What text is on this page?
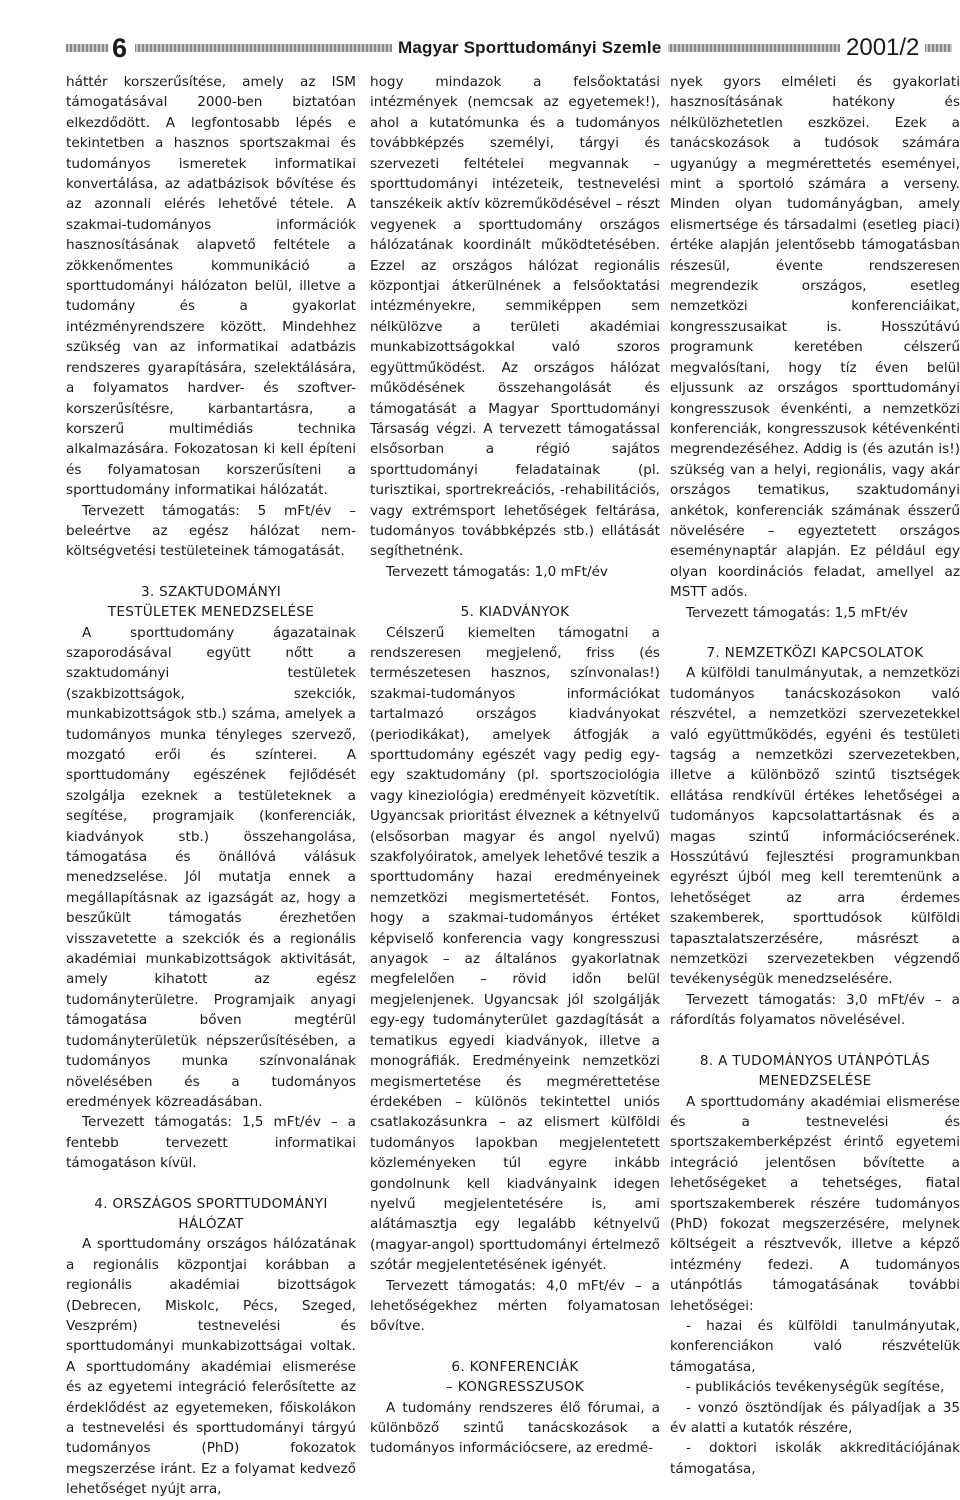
6	Magyar Sporttudományi Szemle	2001/2

háttér korszerűsítése, amely az ISM támogatásával 2000-ben biztatóan elkezdődött. A legfontosabb lépés e tekintetben a hasznos sportszakmai és tudományos ismeretek informatikai konvertálása, az adatbázisok bővítése és az azonnali elérés lehetővé tétele. A szakmai-tudományos információk hasznosításának alapvető feltétele a zökkenőmentes kommunikáció a sporttudományi hálózaton belül, illetve a tudomány és a gyakorlat intézményrendszere között. Mindehhez szükség van az informatikai adatbázis rendszeres gyarapítására, szelektálására, a folyamatos hardver- és szoftver-korszerűsítésre, karbantartásra, a korszerű multimédiás technika alkalmazására. Fokozatosan ki kell építeni és folyamatosan korszerűsíteni a sporttudomány informatikai hálózatát.

Tervezett támogatás: 5 mFt/év – beleértve az egész hálózat nem-költségvetési testületeinek támogatását.

3. SZAKTUDOMÁNYI
TESTÜLETEK MENEDZSELÉSE

A sporttudomány ágazatainak szaporodásával együtt nőtt a szaktudományi testületek (szakbizottságok, szekciók, munkabizottságok stb.) száma, amelyek a tudományos munka tényleges szervező, mozgató erői és színterei. A sporttudomány egészének fejlődését szolgálja ezeknek a testületeknek a segítése, programjaik (konferenciák, kiadványok stb.) összehangolása, támogatása és önállóvá válásuk menedzselése. Jól mutatja ennek a megállapításnak az igazságát az, hogy a beszűkült támogatás érezhetően visszavetette a szekciók és a regionális akadémiai munkabizottságok aktivitását, amely kihatott az egész tudományterületre. Programjaik anyagi támogatása bőven megtérül tudományterületük népszerűsítésében, a tudományos munka színvonalának növelésében és a tudományos eredmények közreadásában.

Tervezett támogatás: 1,5 mFt/év – a fentebb tervezett informatikai támogatáson kívül.

4. ORSZÁGOS SPORTTUDOMÁNYI
HÁLÓZAT

A sporttudomány országos hálózatának a regionális központjai korábban a regionális akadémiai bizottságok (Debrecen, Miskolc, Pécs, Szeged, Veszprém) testnevelési és sporttudományi munkabizottságai voltak. A sporttudomány akadémiai elismerése és az egyetemi integráció felerősítette az érdeklődést az egyetemeken, főiskolákon a testnevelési és sporttudományi tárgyú tudományos (PhD) fokozatok megszerzése iránt. Ez a folyamat kedvező lehetőséget nyújt arra,

hogy mindazok a felsőoktatási intézmények (nemcsak az egyetemek!), ahol a kutatómunka és a tudományos továbbképzés személyi, tárgyi és szervezeti feltételei megvannak – sporttudományi intézeteik, testnevelési tanszékeik aktív közreműködésével – részt vegyenek a sporttudomány országos hálózatának koordinált működtetésében. Ezzel az országos hálózat regionális központjai átkerülnének a felsőoktatási intézményekre, semmiképpen sem nélkülözve a területi akadémiai munkabizottságokkal való szoros együttműködést. Az országos hálózat működésének összehangolását és támogatását a Magyar Sporttudományi Társaság végzi. A tervezett támogatással elsősorban a régió sajátos sporttudományi feladatainak (pl. turisztikai, sportrekreációs, -rehabilitációs, vagy extrémsport lehetőségek feltárása, tudományos továbbképzés stb.) ellátását segíthetnénk.

Tervezett támogatás: 1,0 mFt/év

5. KIADVÁNYOK

Célszerű kiemelten támogatni a rendszeresen megjelenő, friss (és természetesen hasznos, színvonalas!) szakmai-tudományos információkat tartalmazó országos kiadványokat (periodikákat), amelyek átfogják a sporttudomány egészét vagy pedig egy-egy szaktudomány (pl. sportszociológia vagy kineziológia) eredményeit közvetítik. Ugyancsak prioritást élveznek a kétnyelvű (elsősorban magyar és angol nyelvű) szakfolyóiratok, amelyek lehetővé teszik a sporttudomány hazai eredményeinek nemzetközi megismertetését. Fontos, hogy a szakmai-tudományos értéket képviselő konferencia vagy kongresszusi anyagok – az általános gyakorlatnak megfelelően – rövid időn belül megjelenjenek. Ugyancsak jól szolgálják egy-egy tudományterület gazdagítását a tematikus egyedi kiadványok, illetve a monográfiák. Eredményeink nemzetközi megismertetése és megmérettetése érdekében – különös tekintettel uniós csatlakozásunkra – az elismert külföldi tudományos lapokban megjelentetett közleményeken túl egyre inkább gondolnunk kell kiadványaink idegen nyelvű megjelentetésére is, ami alátámasztja egy legalább kétnyelvű (magyar-angol) sporttudományi értelmező szótár megjelentetésének igényét.

Tervezett támogatás: 4,0 mFt/év – a lehetőségekhez mérten folyamatosan bővítve.

6. KONFERENCIÁK
– KONGRESSZUSOK

A tudomány rendszeres élő fórumai, a különböző szintű tanácskozások a tudományos információcsere, az eredmé-

nyek gyors elméleti és gyakorlati hasznosításának hatékony és nélkülözhetetlen eszközei. Ezek a tanácskozások a tudósok számára ugyanúgy a megmérettetés eseményei, mint a sportoló számára a verseny. Minden olyan tudományágban, amely elismertsége és társadalmi (esetleg piaci) értéke alapján jelentősebb támogatásban részesül, évente rendszeresen megrendezik országos, esetleg nemzetközi konferenciáikat, kongresszusaikat is. Hosszútávú programunk keretében célszerű megvalósítani, hogy tíz éven belül eljussunk az országos sporttudományi kongresszusok évenkénti, a nemzetközi konferenciák, kongresszusok kétévenkénti megrendezéséhez. Addig is (és azután is!) szükség van a helyi, regionális, vagy akár országos tematikus, szaktudományi ankétok, konferenciák számának ésszerű növelésére – egyeztetett országos eseménynaptár alapján. Ez például egy olyan koordinációs feladat, amellyel az MSTT adós.

Tervezett támogatás: 1,5 mFt/év

7. NEMZETKÖZI KAPCSOLATOK

A külföldi tanulmányutak, a nemzetközi tudományos tanácskozásokon való részvétel, a nemzetközi szervezetekkel való együttműködés, egyéni és testületi tagság a nemzetközi szervezetekben, illetve a különböző szintű tisztségek ellátása rendkívül értékes lehetőségei a tudományos kapcsolattartásnak és a magas szintű információcserének. Hosszútávú fejlesztési programunkban egyrészt újból meg kell teremtenünk a lehetőséget az arra érdemes szakemberek, sporttudósok külföldi tapasztalatszerzésére, másrészt a nemzetközi szervezetekben végzendő tevékenységük menedzselésére.

Tervezett támogatás: 3,0 mFt/év – a ráfordítás folyamatos növelésével.

8. A TUDOMÁNYOS UTÁNPÓTLÁS
MENEDZSELÉSE

A sporttudomány akadémiai elismerése és a testnevelési és sportszakemberképzést érintő egyetemi integráció jelentősen bővítette a lehetőségeket a tehetséges, fiatal sportszakemberek részére tudományos (PhD) fokozat megszerzésére, melynek költségeit a résztvevők, illetve a képző intézmény fedezi. A tudományos utánpótlás támogatásának további lehetőségei:

- hazai és külföldi tanulmányutak, konferenciákon való részvételük támogatása,

- publikációs tevékenységük segítése,

- vonzó ösztöndíjak és pályadíjak a 35 év alatti a kutatók részére,

- doktori iskolák akkreditációjának támogatása,
